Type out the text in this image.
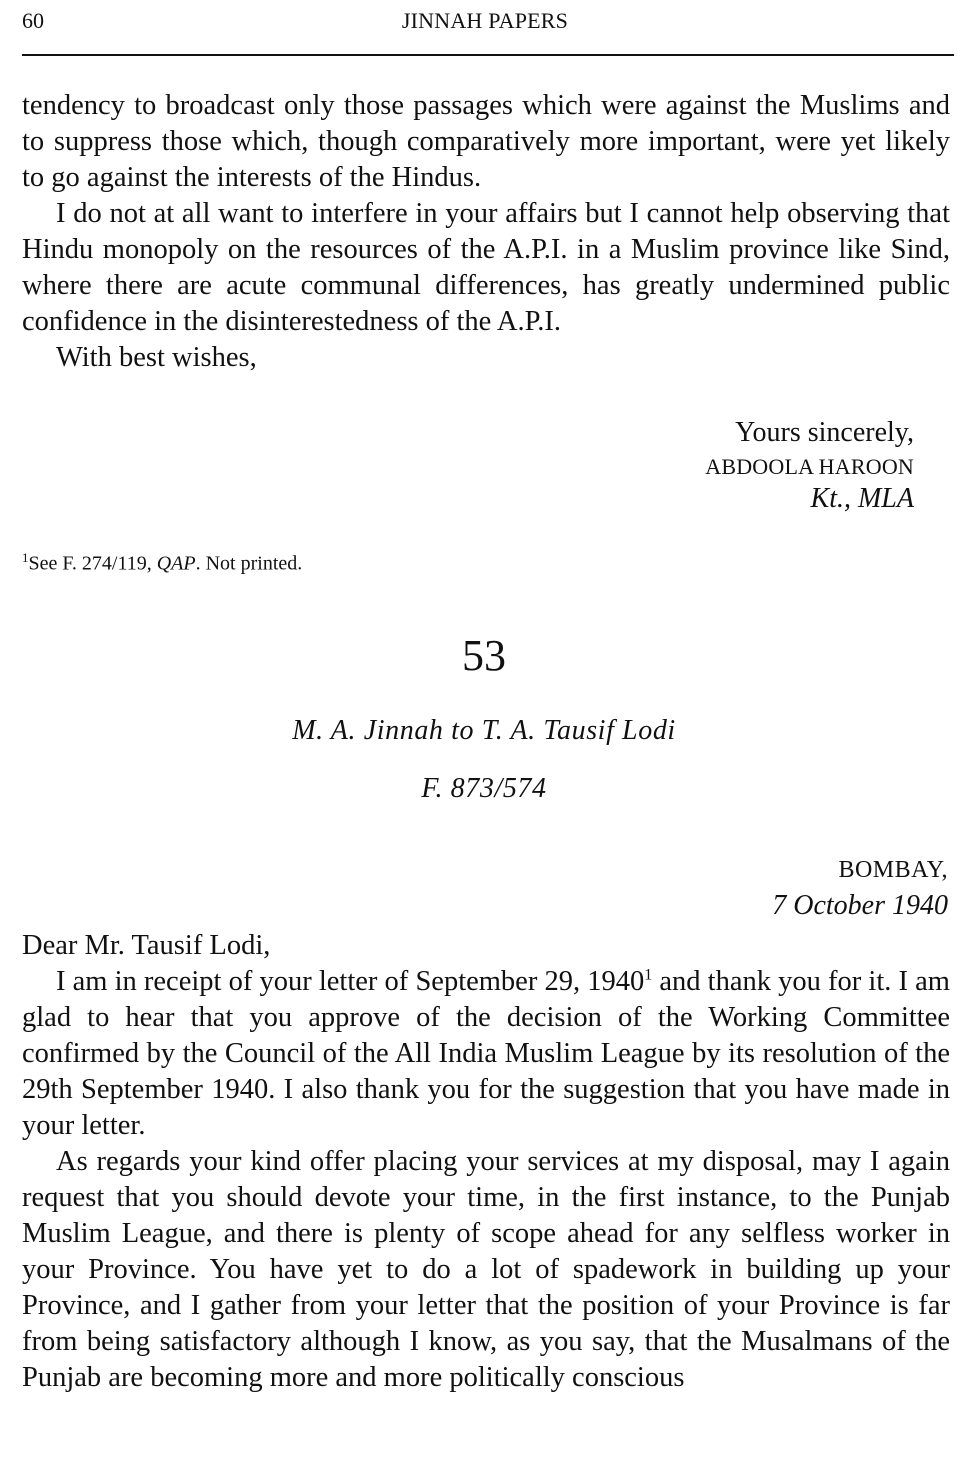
60	JINNAH PAPERS

tendency to broadcast only those passages which were against the Muslims and to suppress those which, though comparatively more important, were yet likely to go against the interests of the Hindus.

I do not at all want to interfere in your affairs but I cannot help observing that Hindu monopoly on the resources of the A.P.I. in a Muslim province like Sind, where there are acute communal differences, has greatly undermined public confidence in the disinterestedness of the A.P.I.

With best wishes,

Yours sincerely,
ABDOOLA HAROON
Kt., MLA
$^1$See F. 274/119, QAP. Not printed.
53
M. A. Jinnah to T. A. Tausif Lodi
F. 873/574
BOMBAY,
7 October 1940

Dear Mr. Tausif Lodi,

I am in receipt of your letter of September 29, 1940$^1$ and thank you for it. I am glad to hear that you approve of the decision of the Working Committee confirmed by the Council of the All India Muslim League by its resolution of the 29th September 1940. I also thank you for the suggestion that you have made in your letter.

As regards your kind offer placing your services at my disposal, may I again request that you should devote your time, in the first instance, to the Punjab Muslim League, and there is plenty of scope ahead for any selfless worker in your Province. You have yet to do a lot of spadework in building up your Province, and I gather from your letter that the position of your Province is far from being satisfactory although I know, as you say, that the Musalmans of the Punjab are becoming more and more politically conscious
